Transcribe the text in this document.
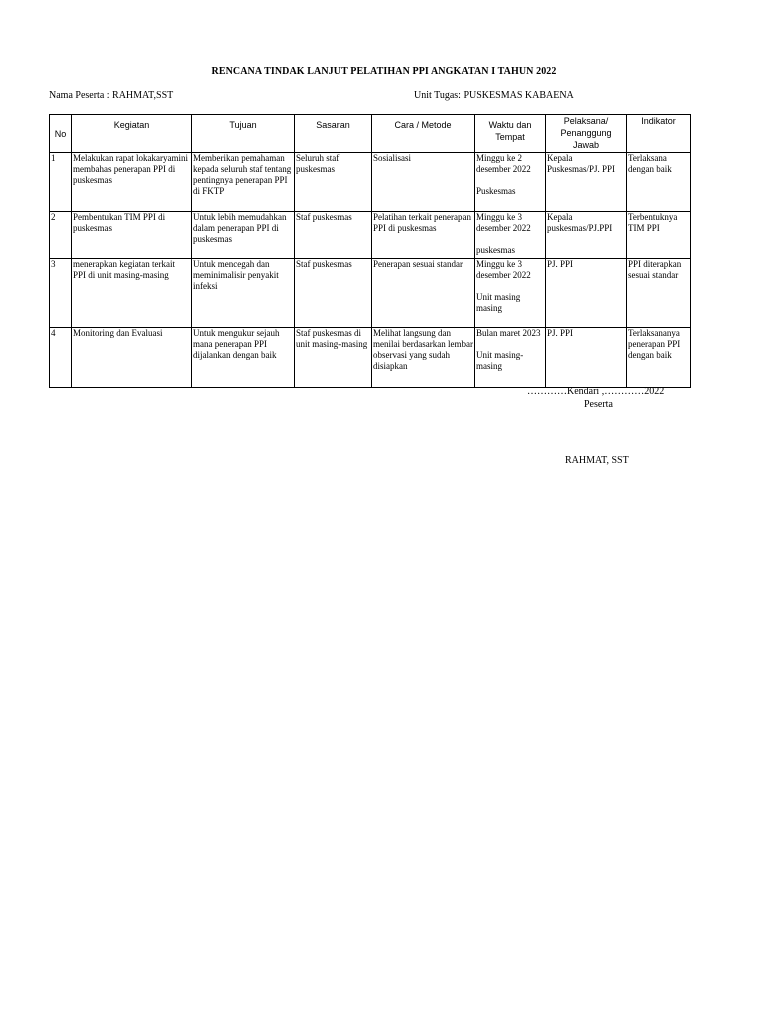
RENCANA TINDAK LANJUT PELATIHAN PPI ANGKATAN I TAHUN 2022
Nama Peserta : RAHMAT,SST	Unit Tugas: PUSKESMAS KABAENA
No	Kegiatan	Tujuan	Sasaran	Cara / Metode	Waktu dan Tempat	Pelaksana/ Penanggung Jawab	Indikator
1	Melakukan rapat lokakaryamini membahas penerapan PPI di puskesmas	Memberikan pemahaman kepada seluruh staf tentang pentingnya penerapan PPI di FKTP	Seluruh staf puskesmas	Sosialisasi	Minggu ke 2 desember 2022
Puskesmas	Kepala Puskesmas/PJ. PPI	Terlaksana dengan baik
2	Pembentukan TIM PPI di puskesmas	Untuk lebih memudahkan dalam penerapan PPI di puskesmas	Staf puskesmas	Pelatihan terkait penerapan PPI di puskesmas	Minggu ke 3 desember 2022
puskesmas	Kepala puskesmas/PJ.PPI	Terbentuknya TIM PPI
3	menerapkan kegiatan terkait PPI di unit masing-masing	Untuk mencegah dan meminimalisir penyakit infeksi	Staf puskesmas	Penerapan sesuai standar	Minggu ke 3 desember 2022
Unit masing masing	PJ. PPI	PPI diterapkan sesuai standar
4	Monitoring dan Evaluasi	Untuk mengukur sejauh mana penerapan PPI dijalankan dengan baik	Staf puskesmas di unit masing-masing	Melihat langsung dan menilai berdasarkan lembar observasi yang sudah disiapkan	Bulan maret 2023
Unit masing-masing	PJ. PPI	Terlaksananya penerapan PPI dengan baik
…………Kendari ,…………2022
Peserta
RAHMAT, SST
